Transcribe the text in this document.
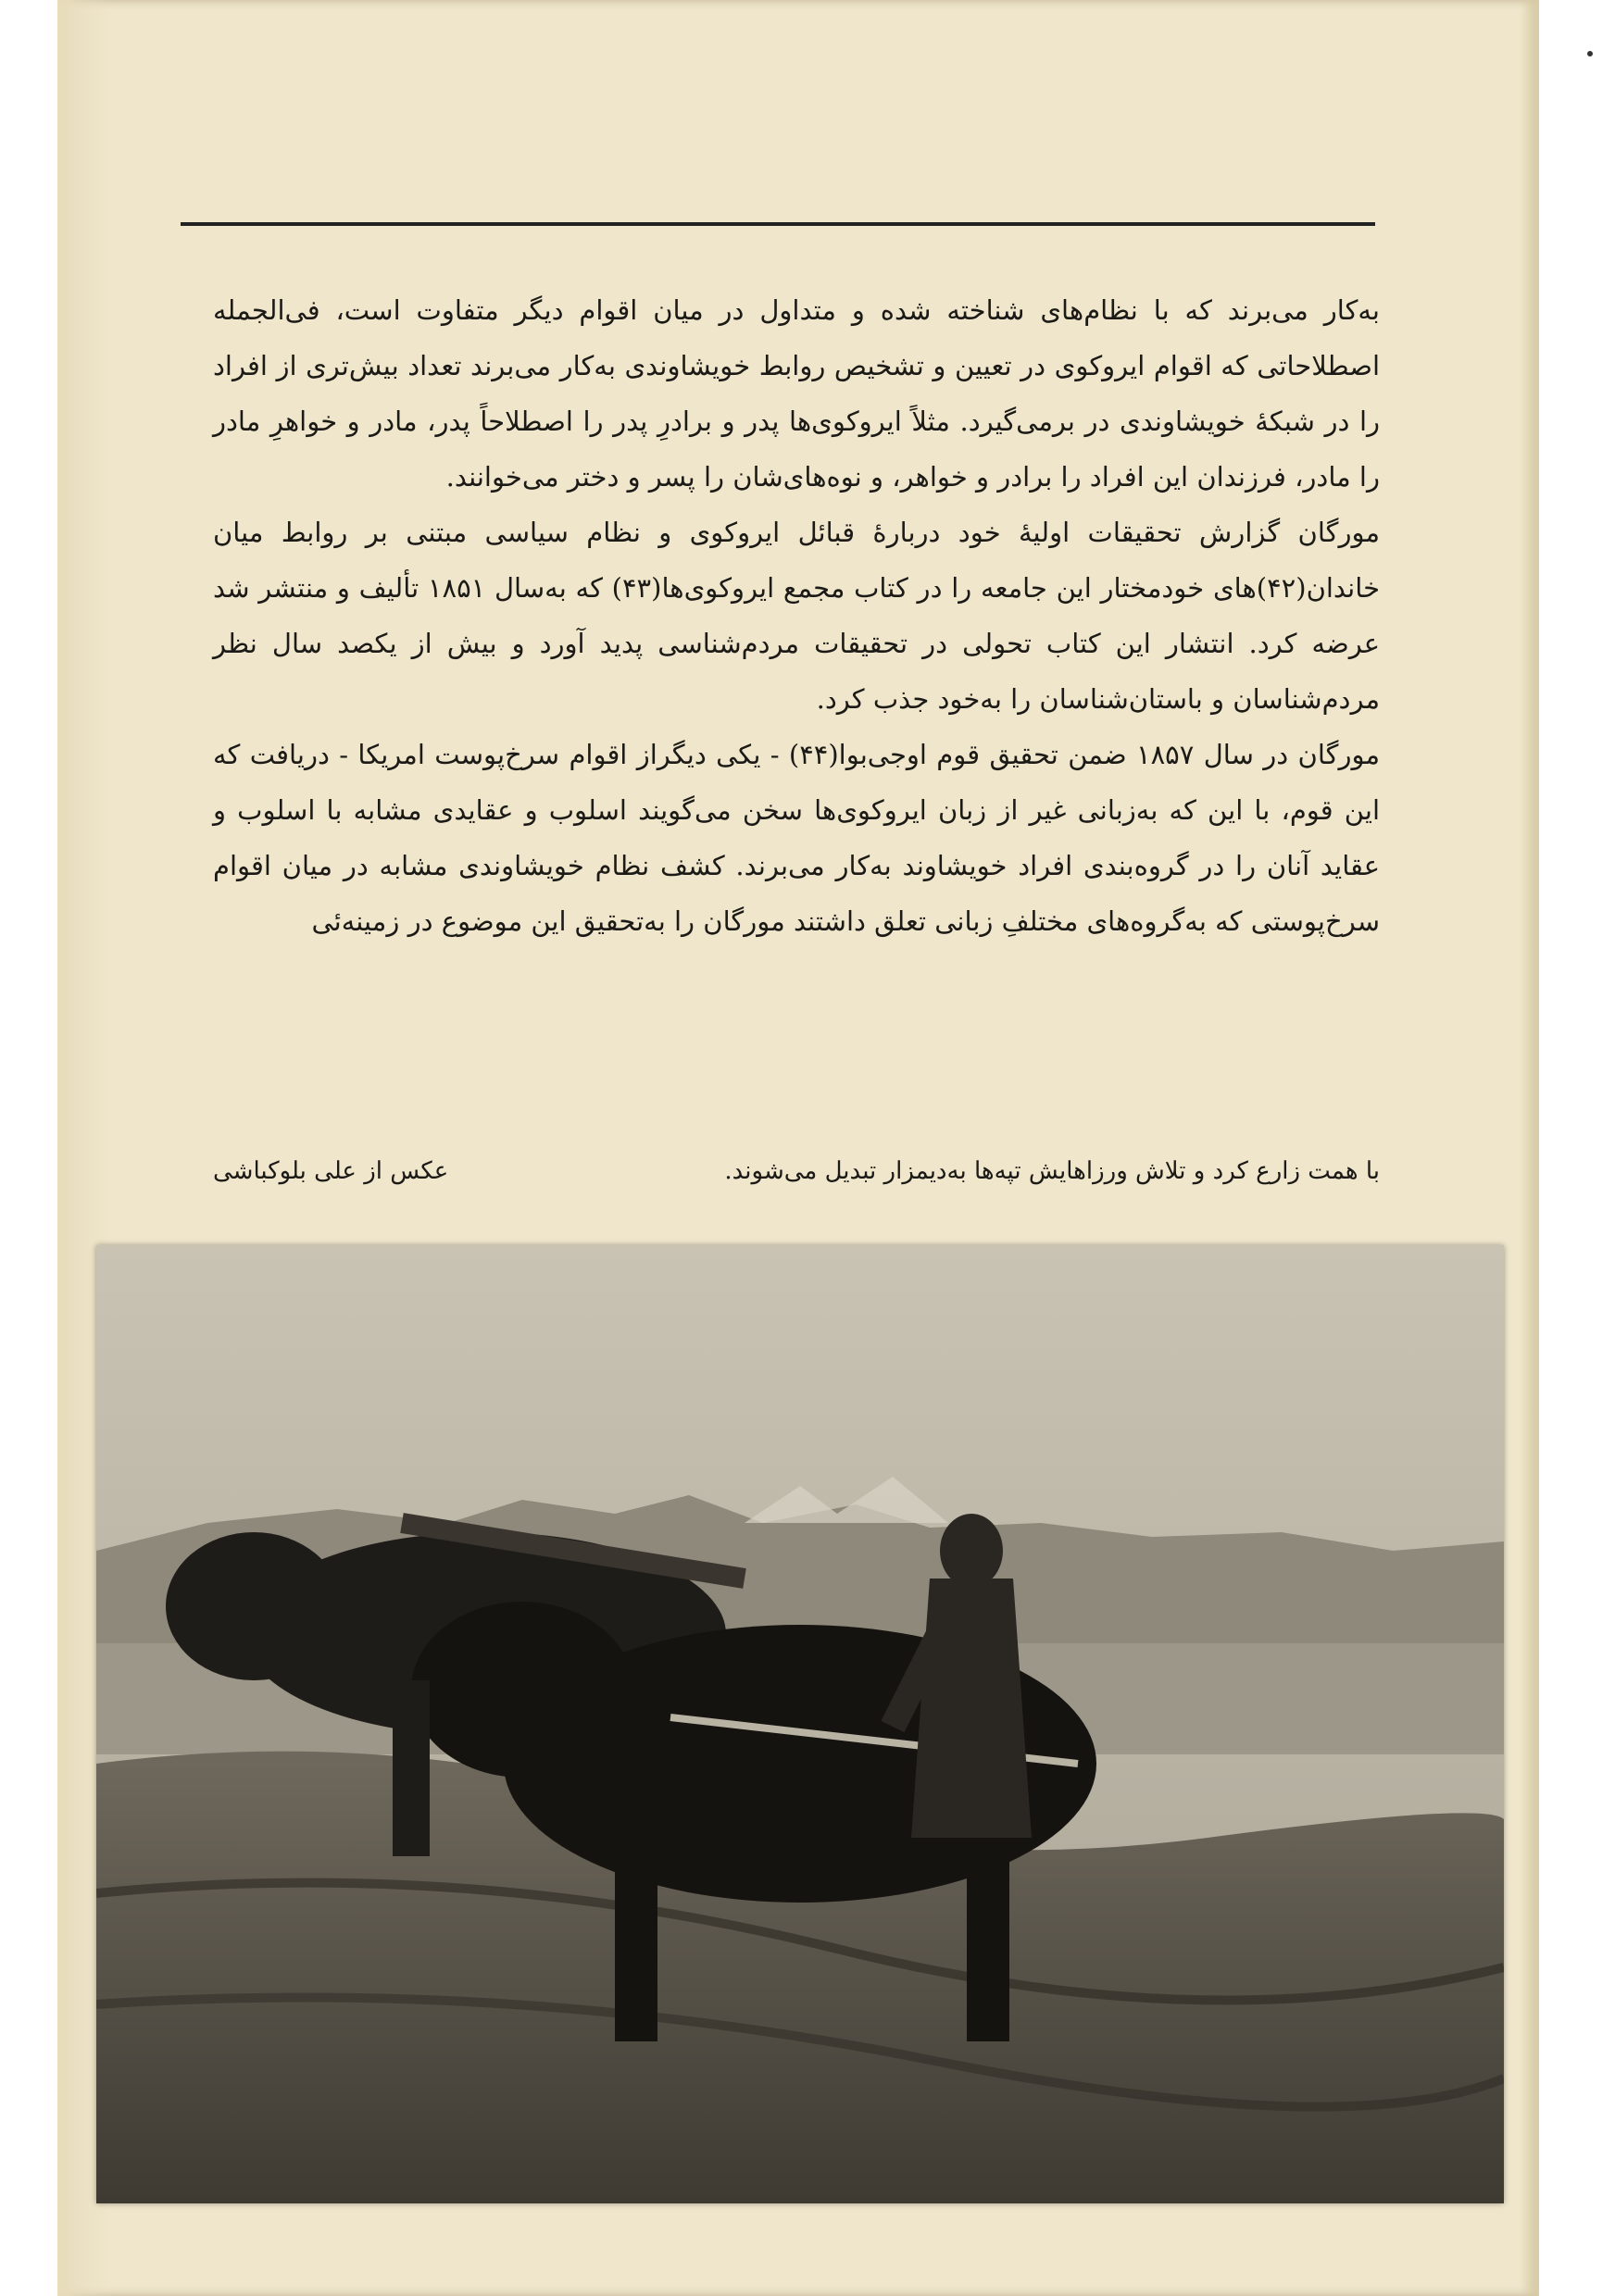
به‌کار می‌برند که با نظام‌های شناخته شده و متداول در میان اقوام دیگر متفاوت است، فی‌الجمله اصطلاحاتی که اقوام ایروکوی در تعیین و تشخیص روابط خویشاوندی به‌کار می‌برند تعداد بیش‌تری از افراد را در شبکهٔ خویشاوندی در برمی‌گیرد. مثلاً ایروکوی‌ها پدر و برادرِ پدر را اصطلاحاً پدر، مادر و خواهرِ مادر را مادر، فرزندان این افراد را برادر و خواهر، و نوه‌های‌شان را پسر و دختر می‌خوانند.

مورگان گزارش تحقیقات اولیهٔ خود دربارهٔ قبائل ایروکوی و نظام سیاسی مبتنی بر روابط میان خاندان(۴۲)های خودمختار این جامعه را در کتاب مجمع ایروکوی‌ها(۴۳) که به‌سال ۱۸۵۱ تألیف و منتشر شد عرضه کرد. انتشار این کتاب تحولی در تحقیقات مردم‌شناسی پدید آورد و بیش از یکصد سال نظر مردم‌شناسان و باستان‌شناسان را به‌خود جذب کرد.

مورگان در سال ۱۸۵۷ ضمن تحقیق قوم اوجی‌بوا(۴۴) - یکی دیگراز اقوام سرخ‌پوست امریکا - دریافت که این قوم، با این که به‌زبانی غیر از زبان ایروکوی‌ها سخن می‌گویند اسلوب و عقایدی مشابه با اسلوب و عقاید آنان را در گروه‌بندی افراد خویشاوند به‌کار می‌برند. کشف نظام خویشاوندی مشابه در میان اقوام سرخ‌پوستی که به‌گروه‌های مختلفِ زبانی تعلق داشتند مورگان را به‌تحقیق این موضوع در زمینه‌ئی

با همت زارع کرد و تلاش ورزاهایش تپه‌ها به‌دیمزار تبدیل می‌شوند.
عکس از علی بلوکباشی
